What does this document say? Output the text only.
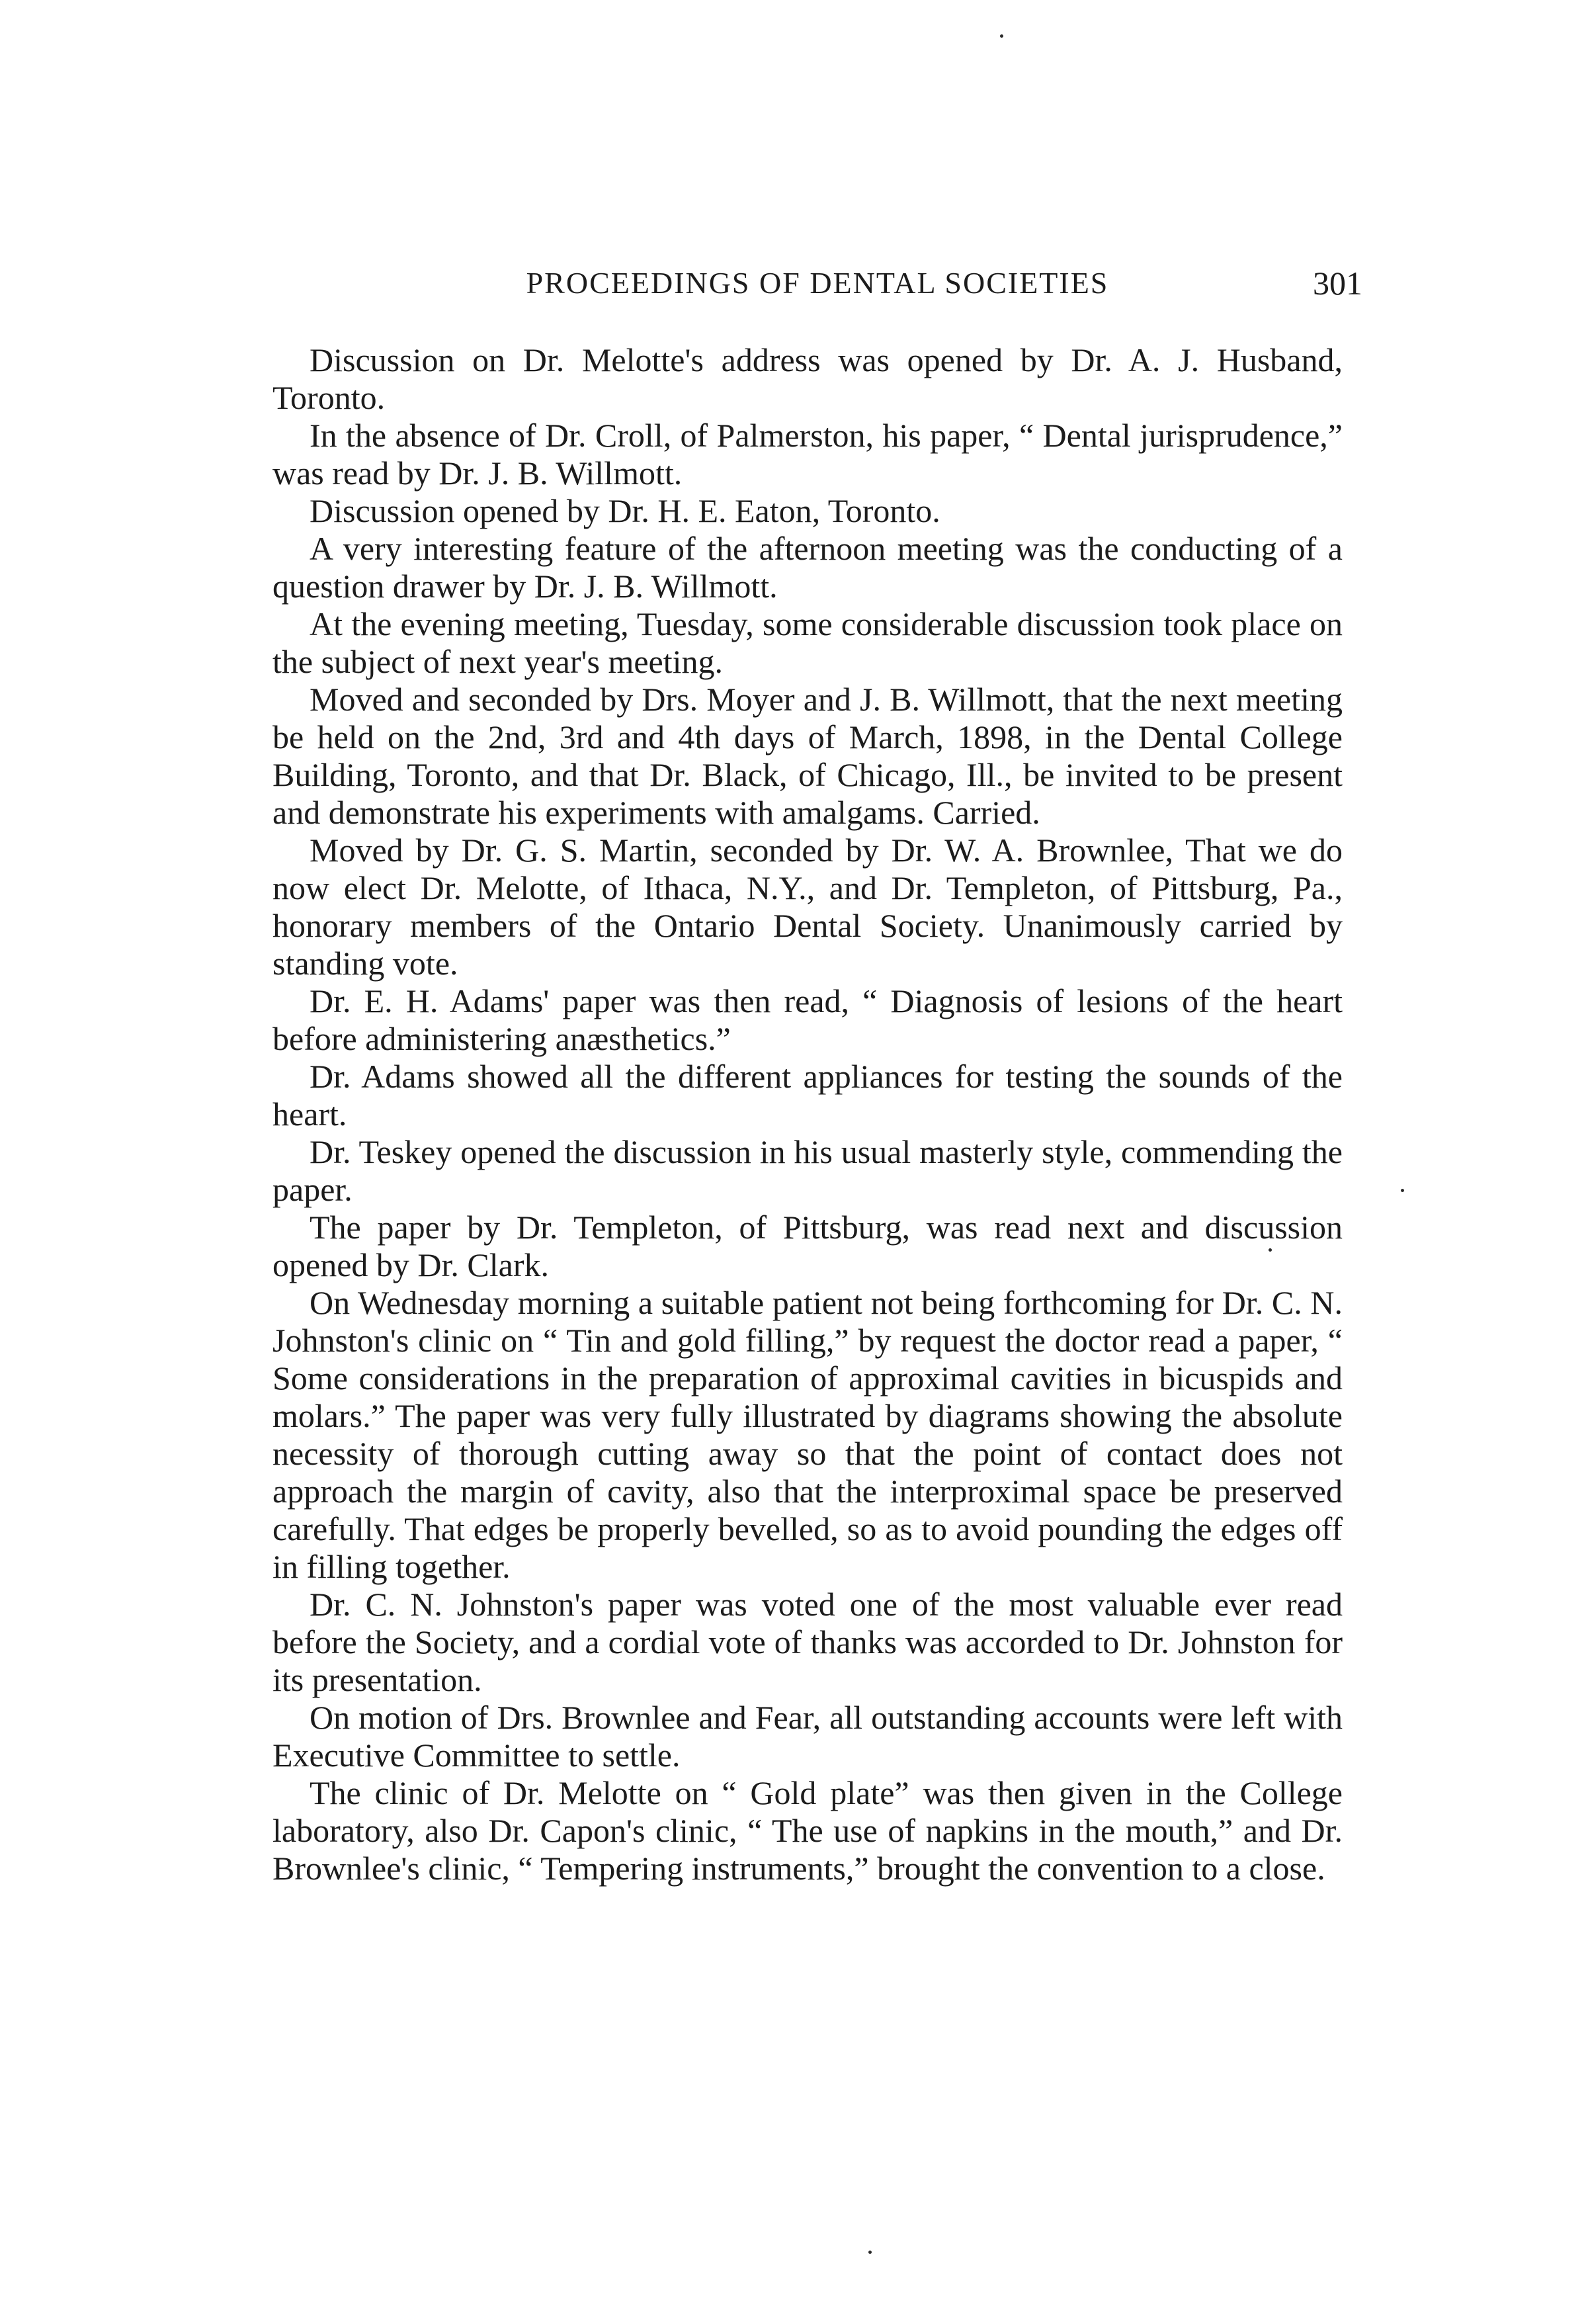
PROCEEDINGS OF DENTAL SOCIETIES	301

Discussion on Dr. Melotte's address was opened by Dr. A. J. Husband, Toronto.

In the absence of Dr. Croll, of Palmerston, his paper, “ Dental jurisprudence,” was read by Dr. J. B. Willmott.

Discussion opened by Dr. H. E. Eaton, Toronto.

A very interesting feature of the afternoon meeting was the conducting of a question drawer by Dr. J. B. Willmott.

At the evening meeting, Tuesday, some considerable discussion took place on the subject of next year's meeting.

Moved and seconded by Drs. Moyer and J. B. Willmott, that the next meeting be held on the 2nd, 3rd and 4th days of March, 1898, in the Dental College Building, Toronto, and that Dr. Black, of Chicago, Ill., be invited to be present and demonstrate his experiments with amalgams. Carried.

Moved by Dr. G. S. Martin, seconded by Dr. W. A. Brownlee, That we do now elect Dr. Melotte, of Ithaca, N.Y., and Dr. Templeton, of Pittsburg, Pa., honorary members of the Ontario Dental Society. Unanimously carried by standing vote.

Dr. E. H. Adams' paper was then read, “ Diagnosis of lesions of the heart before administering anæsthetics.”

Dr. Adams showed all the different appliances for testing the sounds of the heart.

Dr. Teskey opened the discussion in his usual masterly style, commending the paper.

The paper by Dr. Templeton, of Pittsburg, was read next and discussion opened by Dr. Clark.

On Wednesday morning a suitable patient not being forthcoming for Dr. C. N. Johnston's clinic on “ Tin and gold filling,” by request the doctor read a paper, “ Some considerations in the preparation of approximal cavities in bicuspids and molars.” The paper was very fully illustrated by diagrams showing the absolute necessity of thorough cutting away so that the point of contact does not approach the margin of cavity, also that the interproximal space be preserved carefully. That edges be properly bevelled, so as to avoid pounding the edges off in filling together.

Dr. C. N. Johnston's paper was voted one of the most valuable ever read before the Society, and a cordial vote of thanks was accorded to Dr. Johnston for its presentation.

On motion of Drs. Brownlee and Fear, all outstanding accounts were left with Executive Committee to settle.

The clinic of Dr. Melotte on “ Gold plate” was then given in the College laboratory, also Dr. Capon's clinic, “ The use of napkins in the mouth,” and Dr. Brownlee's clinic, “ Tempering instruments,” brought the convention to a close.
